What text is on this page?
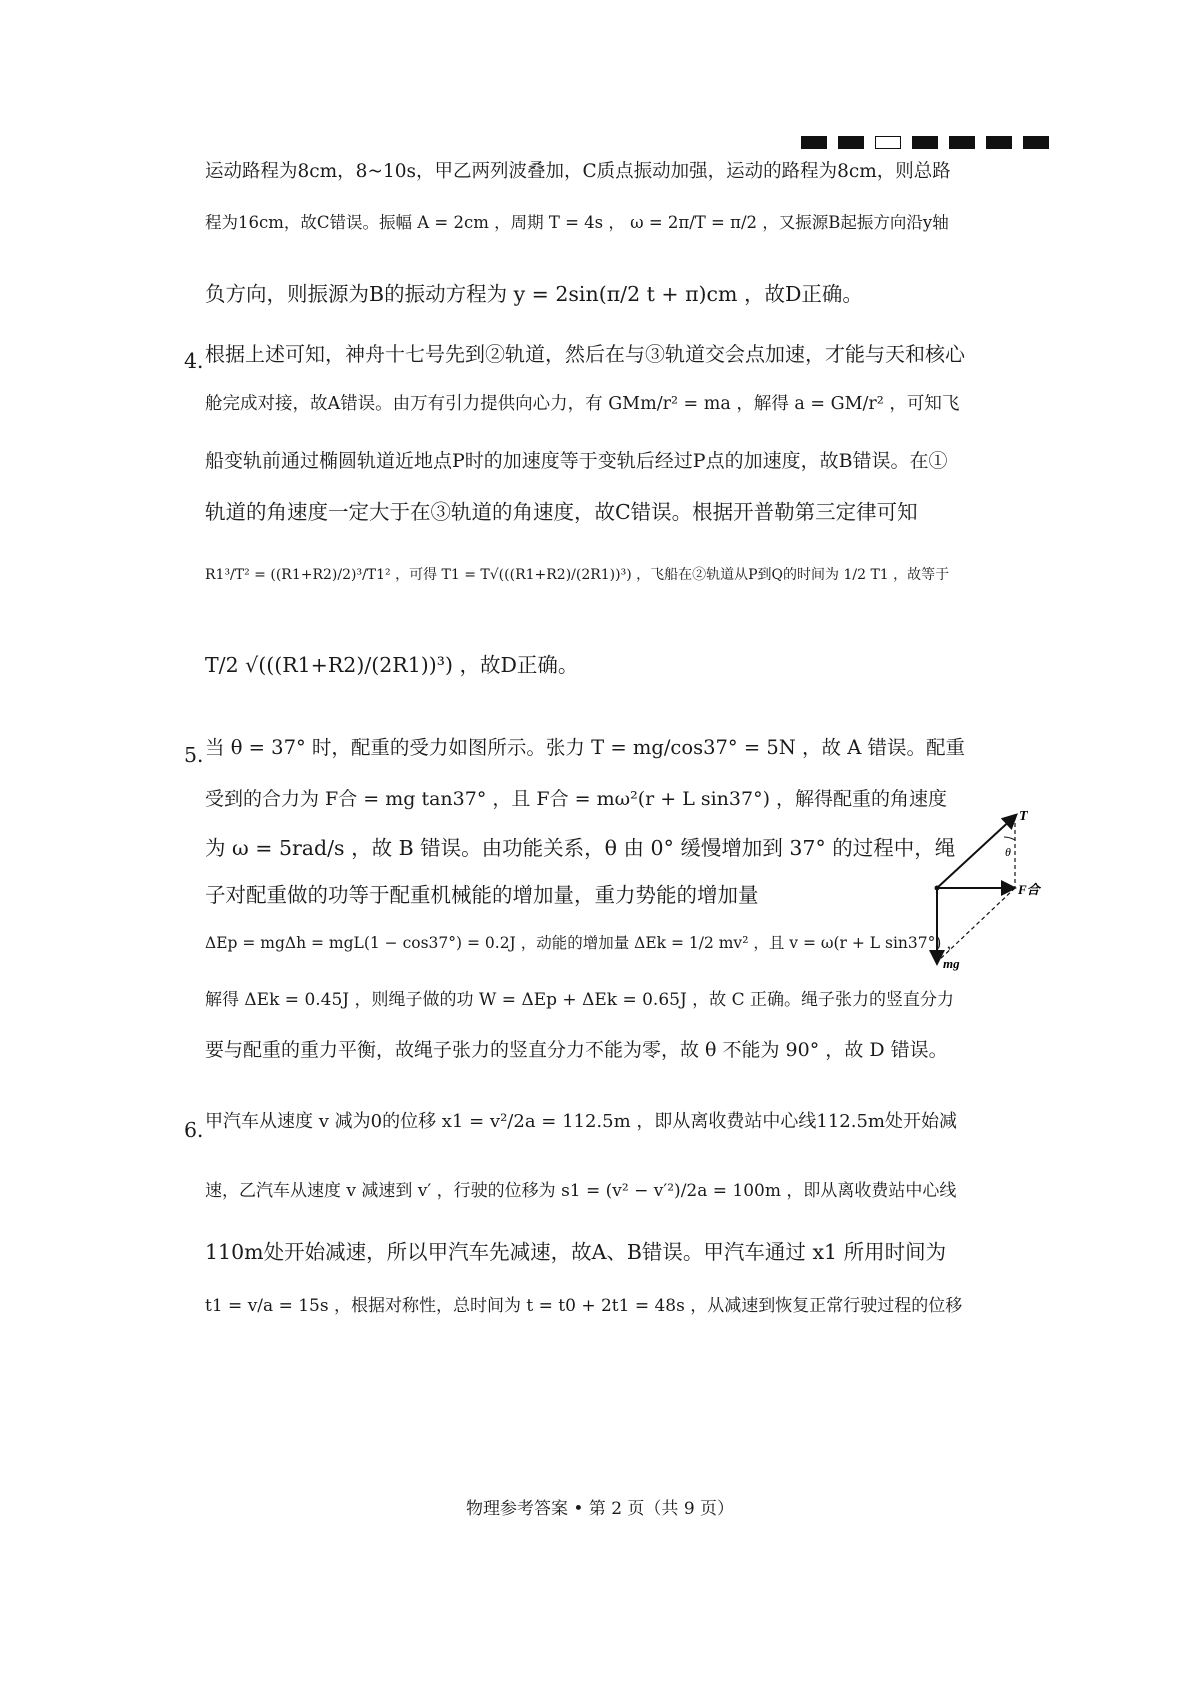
运动路程为8cm，8~10s，甲乙两列波叠加，C质点振动加强，运动的路程为8cm，则总路
程为16cm，故C错误。振幅 A = 2cm ，周期 T = 4s ， ω = 2π/T = π/2 ，又振源B起振方向沿y轴
负方向，则振源为B的振动方程为 y = 2sin(π/2 t + π)cm ，故D正确。
4．
根据上述可知，神舟十七号先到②轨道，然后在与③轨道交会点加速，才能与天和核心
舱完成对接，故A错误。由万有引力提供向心力，有 GMm/r² = ma ，解得 a = GM/r² ，可知飞
船变轨前通过椭圆轨道近地点P时的加速度等于变轨后经过P点的加速度，故B错误。在①
轨道的角速度一定大于在③轨道的角速度，故C错误。根据开普勒第三定律可知
R1³/T² = ((R1+R2)/2)³/T1² ，可得 T1 = T√(((R1+R2)/(2R1))³) ，飞船在②轨道从P到Q的时间为 1/2 T1 ，故等于
T/2 √(((R1+R2)/(2R1))³) ，故D正确。
5．
当 θ = 37° 时，配重的受力如图所示。张力 T = mg/cos37° = 5N ，故 A 错误。配重
受到的合力为 F合 = mg tan37° ，且 F合 = mω²(r + L sin37°) ，解得配重的角速度
为 ω = 5rad/s ，故 B 错误。由功能关系，θ 由 0° 缓慢增加到 37° 的过程中，绳
子对配重做的功等于配重机械能的增加量，重力势能的增加量
ΔEp = mgΔh = mgL(1 − cos37°) = 0.2J ，动能的增加量 ΔEk = 1/2 mv² ，且 v = ω(r + L sin37°) ，
解得 ΔEk = 0.45J ，则绳子做的功 W = ΔEp + ΔEk = 0.65J ，故 C 正确。绳子张力的竖直分力
要与配重的重力平衡，故绳子张力的竖直分力不能为零，故 θ 不能为 90° ，故 D 错误。
T
θ
F合
mg
6．
甲汽车从速度 v 减为0的位移 x1 = v²/2a = 112.5m ，即从离收费站中心线112.5m处开始减
速，乙汽车从速度 v 减速到 v′ ，行驶的位移为 s1 = (v² − v′²)/2a = 100m ，即从离收费站中心线
110m处开始减速，所以甲汽车先减速，故A、B错误。甲汽车通过 x1 所用时间为
t1 = v/a = 15s ，根据对称性，总时间为 t = t0 + 2t1 = 48s ，从减速到恢复正常行驶过程的位移
物理参考答案 • 第 2 页（共 9 页）
